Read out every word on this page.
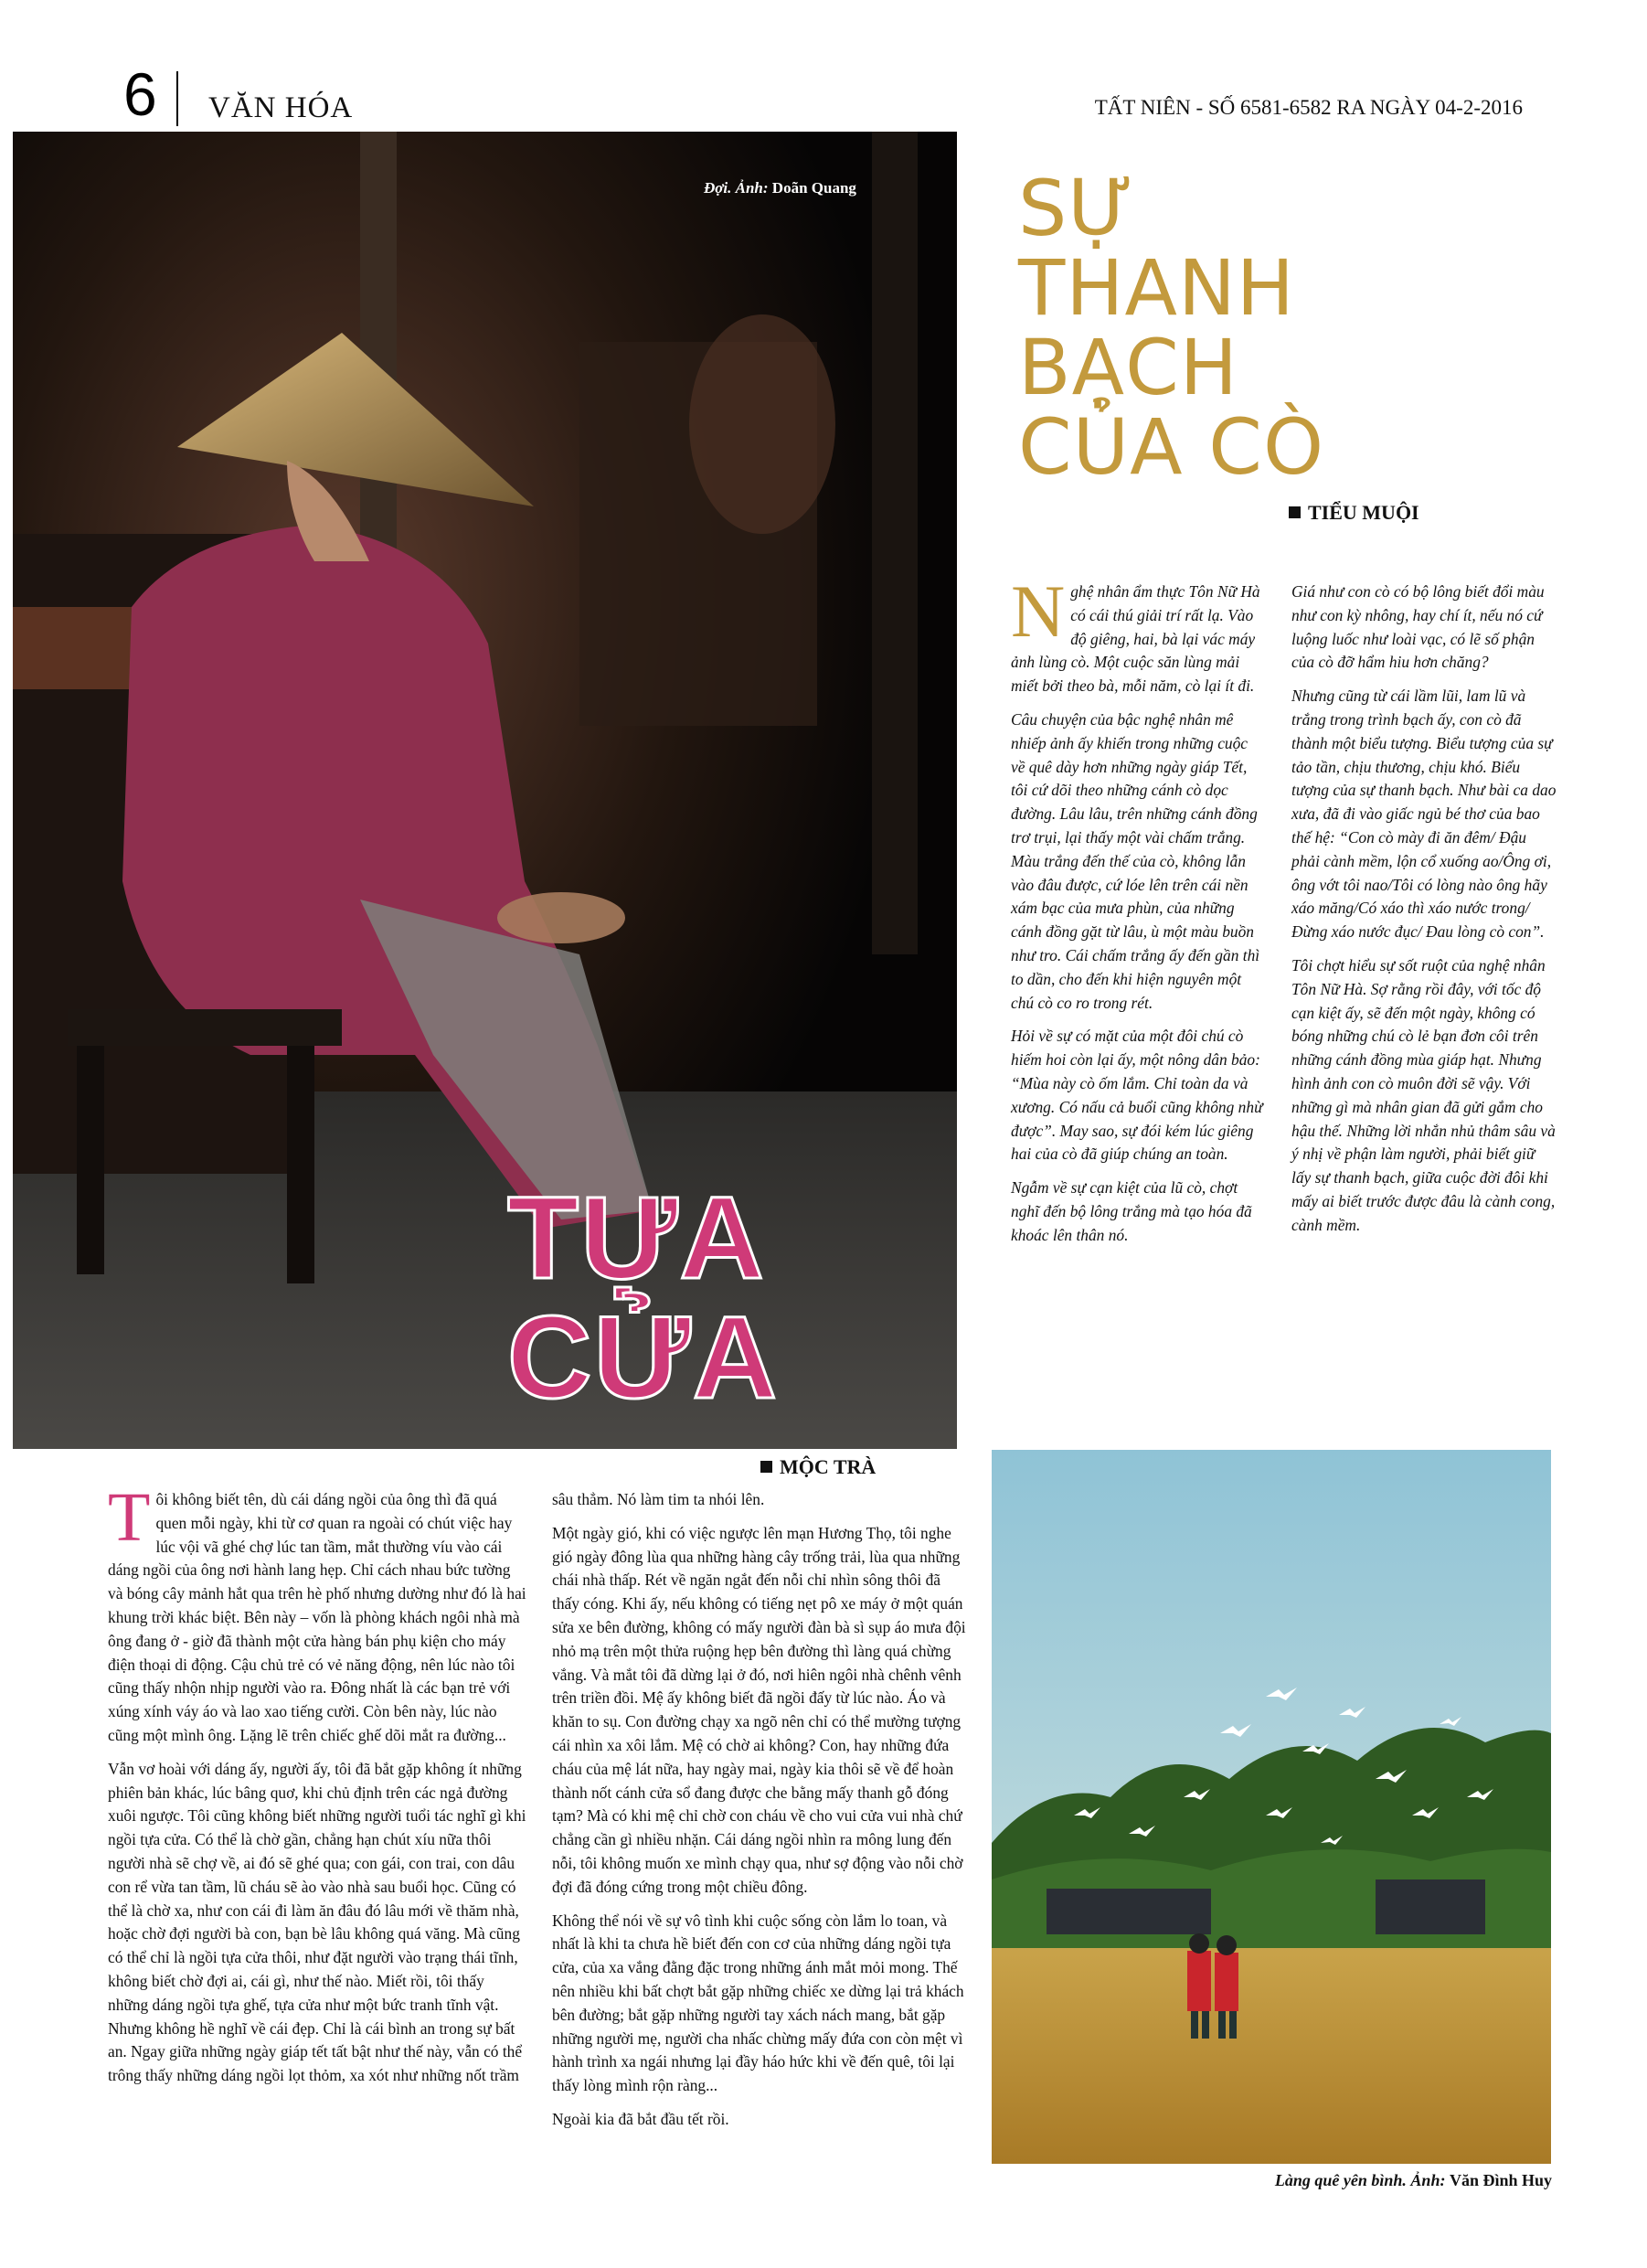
6 VĂN HÓA	TẤT NIÊN - SỐ 6581-6582 RA NGÀY 04-2-2016
Đợi. Ảnh: Doãn Quang
TỰA
CỬA
SỰ
THANH
BẠCH
CỦA CÒ
TIỂU MUỘI

Nghệ nhân ẩm thực Tôn Nữ Hà có cái thú giải trí rất lạ. Vào độ giêng, hai, bà lại vác máy ảnh lùng cò. Một cuộc săn lùng mải miết bởi theo bà, mỗi năm, cò lại ít đi.

Câu chuyện của bậc nghệ nhân mê nhiếp ảnh ấy khiến trong những cuộc về quê dày hơn những ngày giáp Tết, tôi cứ dõi theo những cánh cò dọc đường. Lâu lâu, trên những cánh đồng trơ trụi, lại thấy một vài chấm trắng. Màu trắng đến thế của cò, không lẫn vào đâu được, cứ lóe lên trên cái nền xám bạc của mưa phùn, của những cánh đồng gặt từ lâu, ù một màu buồn như tro. Cái chấm trắng ấy đến gần thì to dần, cho đến khi hiện nguyên một chú cò co ro trong rét.

Hỏi về sự có mặt của một đôi chú cò hiếm hoi còn lại ấy, một nông dân bảo: “Mùa này cò ốm lắm. Chỉ toàn da và xương. Có nấu cả buổi cũng không nhừ được”. May sao, sự đói kém lúc giêng hai của cò đã giúp chúng an toàn.

Ngẫm về sự cạn kiệt của lũ cò, chợt nghĩ đến bộ lông trắng mà tạo hóa đã khoác lên thân nó.

Giá như con cò có bộ lông biết đổi màu như con kỳ nhông, hay chí ít, nếu nó cứ luộng luốc như loài vạc, có lẽ số phận của cò đỡ hẩm hiu hơn chăng?

Nhưng cũng từ cái lầm lũi, lam lũ và trắng trong trình bạch ấy, con cò đã thành một biểu tượng. Biểu tượng của sự tảo tần, chịu thương, chịu khó. Biểu tượng của sự thanh bạch. Như bài ca dao xưa, đã đi vào giấc ngủ bé thơ của bao thế hệ: “Con cò mày đi ăn đêm/ Đậu phải cành mềm, lộn cổ xuống ao/Ông ơi, ông vớt tôi nao/Tôi có lòng nào ông hãy xáo măng/Có xáo thì xáo nước trong/Đừng xáo nước đục/ Đau lòng cò con”.

Tôi chợt hiểu sự sốt ruột của nghệ nhân Tôn Nữ Hà. Sợ rằng rồi đây, với tốc độ cạn kiệt ấy, sẽ đến một ngày, không có bóng những chú cò lẻ bạn đơn côi trên những cánh đồng mùa giáp hạt. Nhưng hình ảnh con cò muôn đời sẽ vậy. Với những gì mà nhân gian đã gửi gắm cho hậu thế. Những lời nhắn nhủ thâm sâu và ý nhị về phận làm người, phải biết giữ lấy sự thanh bạch, giữa cuộc đời đôi khi mấy ai biết trước được đâu là cành cong, cành mềm.

MỘC TRÀ

Tôi không biết tên, dù cái dáng ngồi của ông thì đã quá quen mỗi ngày, khi từ cơ quan ra ngoài có chút việc hay lúc vội vã ghé chợ lúc tan tầm, mắt thường víu vào cái dáng ngồi của ông nơi hành lang hẹp. Chỉ cách nhau bức tường và bóng cây mảnh hắt qua trên hè phố nhưng dường như đó là hai khung trời khác biệt. Bên này – vốn là phòng khách ngôi nhà mà ông đang ở - giờ đã thành một cửa hàng bán phụ kiện cho máy điện thoại di động. Cậu chủ trẻ có vẻ năng động, nên lúc nào tôi cũng thấy nhộn nhịp người vào ra. Đông nhất là các bạn trẻ với xúng xính váy áo và lao xao tiếng cười. Còn bên này, lúc nào cũng một mình ông. Lặng lẽ trên chiếc ghế dõi mắt ra đường...

Vẫn vơ hoài với dáng ấy, người ấy, tôi đã bắt gặp không ít những phiên bản khác, lúc bâng quơ, khi chủ định trên các ngả đường xuôi ngược. Tôi cũng không biết những người tuổi tác nghĩ gì khi ngồi tựa cửa. Có thể là chờ gần, chẳng hạn chút xíu nữa thôi người nhà sẽ chợ về, ai đó sẽ ghé qua; con gái, con trai, con dâu con rể vừa tan tầm, lũ cháu sẽ ào vào nhà sau buổi học. Cũng có thể là chờ xa, như con cái đi làm ăn đâu đó lâu mới về thăm nhà, hoặc chờ đợi người bà con, bạn bè lâu không quá văng. Mà cũng có thể chỉ là ngồi tựa cửa thôi, như đặt người vào trạng thái tĩnh, không biết chờ đợi ai, cái gì, như thế nào. Miết rồi, tôi thấy những dáng ngồi tựa ghế, tựa cửa như một bức tranh tĩnh vật. Nhưng không hề nghĩ về cái đẹp. Chỉ là cái bình an trong sự bất an. Ngay giữa những ngày giáp tết tất bật như thế này, vẫn có thể trông thấy những dáng ngồi lọt thỏm, xa xót như những nốt trầm

sâu thẳm. Nó làm tim ta nhói lên.

Một ngày gió, khi có việc ngược lên mạn Hương Thọ, tôi nghe gió ngày đông lùa qua những hàng cây trống trải, lùa qua những chái nhà thấp. Rét về ngăn ngắt đến nỗi chỉ nhìn sông thôi đã thấy cóng. Khi ấy, nếu không có tiếng nẹt pô xe máy ở một quán sửa xe bên đường, không có mấy người đàn bà sì sụp áo mưa đội nhỏ mạ trên một thửa ruộng hẹp bên đường thì làng quá chừng vắng. Và mắt tôi đã dừng lại ở đó, nơi hiên ngôi nhà chênh vênh trên triền đồi. Mệ ấy không biết đã ngồi đấy từ lúc nào. Áo và khăn to sụ. Con đường chạy xa ngõ nên chỉ có thể mường tượng cái nhìn xa xôi lắm. Mệ có chờ ai không? Con, hay những đứa cháu của mệ lát nữa, hay ngày mai, ngày kia thôi sẽ về để hoàn thành nốt cánh cửa sổ đang được che bằng mấy thanh gỗ đóng tạm? Mà có khi mệ chỉ chờ con cháu về cho vui cửa vui nhà chứ chẳng cần gì nhiều nhặn. Cái dáng ngồi nhìn ra mông lung đến nỗi, tôi không muốn xe mình chạy qua, như sợ động vào nỗi chờ đợi đã đóng cứng trong một chiều đông.

Không thể nói về sự vô tình khi cuộc sống còn lắm lo toan, và nhất là khi ta chưa hề biết đến con cơ của những dáng ngồi tựa cửa, của xa vắng đằng đặc trong những ánh mắt mỏi mong. Thế nên nhiều khi bất chợt bắt gặp những chiếc xe dừng lại trả khách bên đường; bắt gặp những người tay xách nách mang, bắt gặp những người mẹ, người cha nhấc chừng mấy đứa con còn mệt vì hành trình xa ngái nhưng lại đầy háo hức khi về đến quê, tôi lại thấy lòng mình rộn ràng...

Ngoài kia đã bắt đầu tết rồi.

Làng quê yên bình. Ảnh: Văn Đình Huy
